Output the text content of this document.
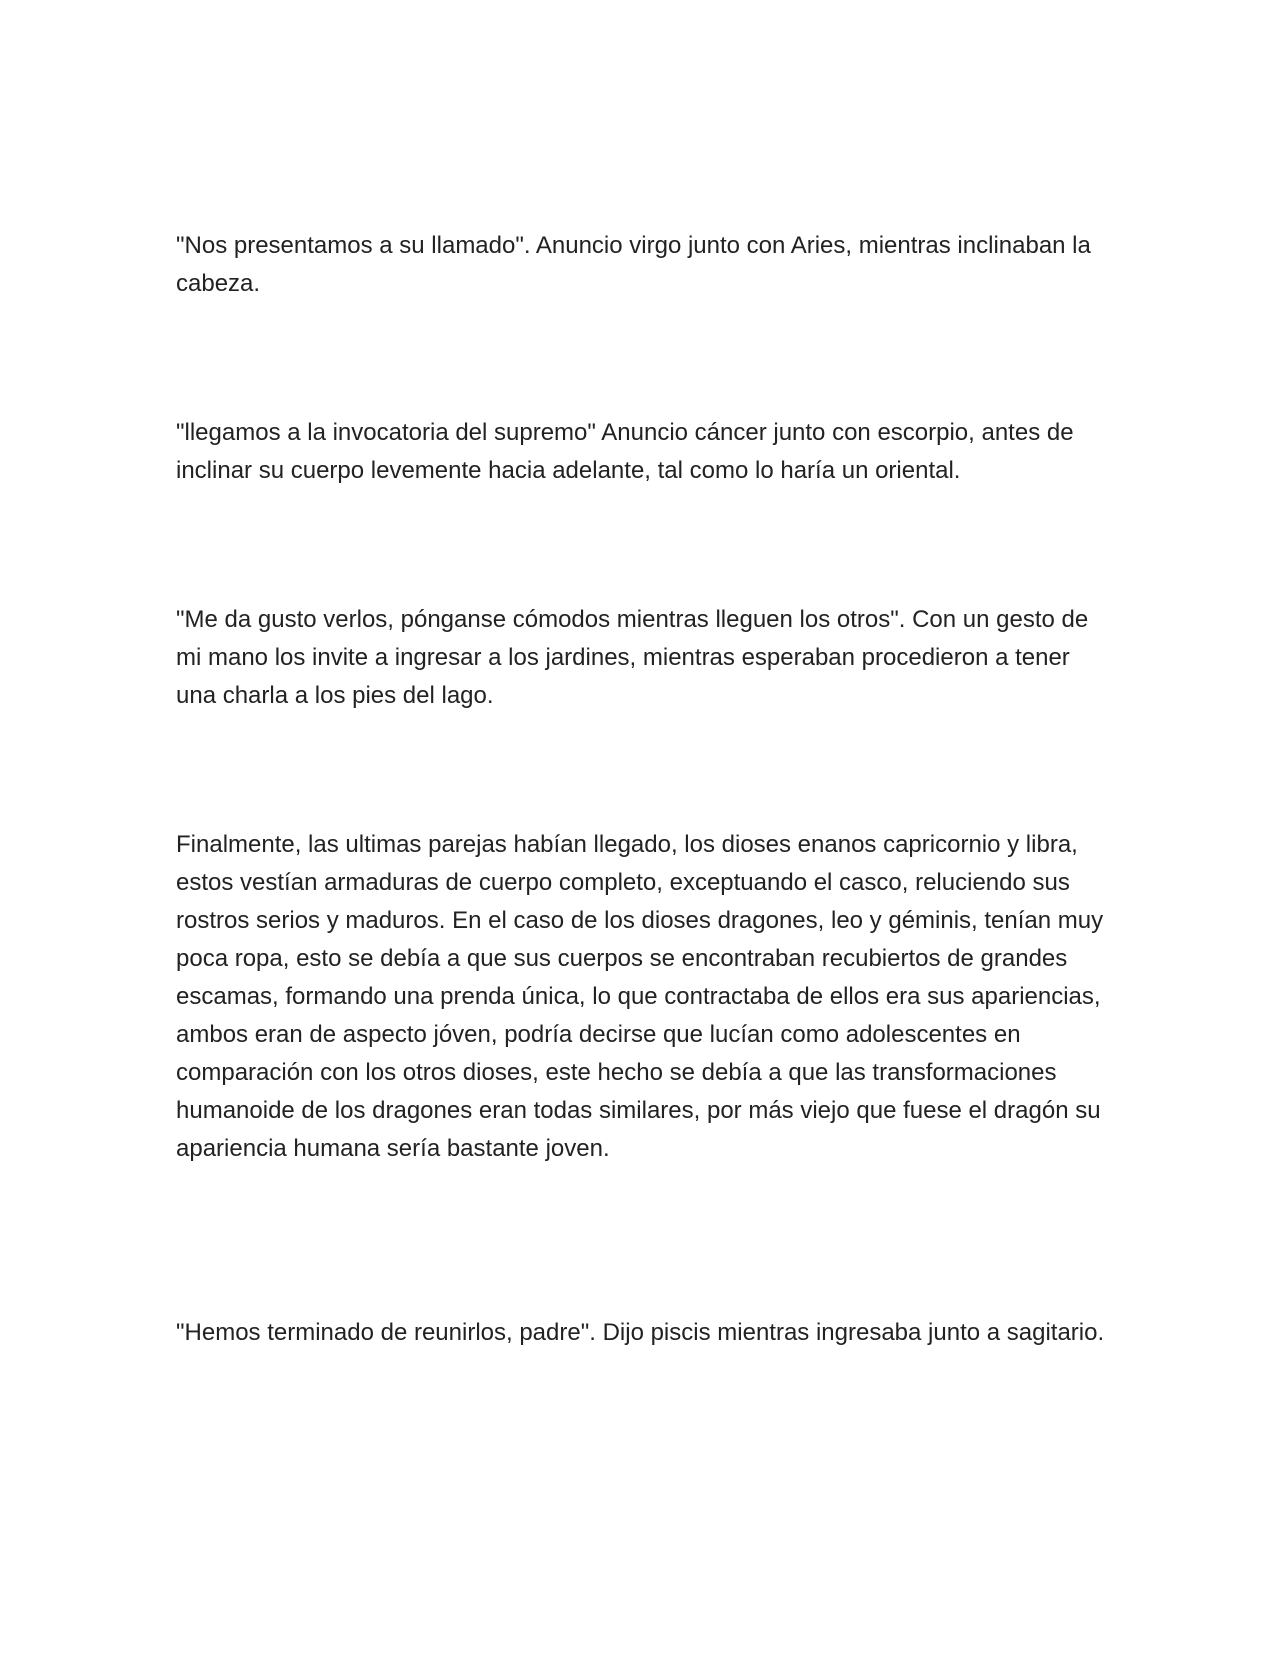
"Nos presentamos a su llamado". Anuncio virgo junto con Aries, mientras inclinaban la cabeza.

"llegamos a la invocatoria del supremo" Anuncio cáncer junto con escorpio, antes de inclinar su cuerpo levemente hacia adelante, tal como lo haría un oriental.

"Me da gusto verlos, pónganse cómodos mientras lleguen los otros". Con un gesto de mi mano los invite a ingresar a los jardines, mientras esperaban procedieron a tener una charla a los pies del lago.

Finalmente, las ultimas parejas habían llegado, los dioses enanos capricornio y libra, estos vestían armaduras de cuerpo completo, exceptuando el casco, reluciendo sus rostros serios y maduros. En el caso de los dioses dragones, leo y géminis, tenían muy poca ropa, esto se debía a que sus cuerpos se encontraban recubiertos de grandes escamas, formando una prenda única, lo que contractaba de ellos era sus apariencias, ambos eran de aspecto jóven, podría decirse que lucían como adolescentes en comparación con los otros dioses, este hecho se debía a que las transformaciones humanoide de los dragones eran todas similares, por más viejo que fuese el dragón su apariencia humana sería bastante joven.

"Hemos terminado de reunirlos, padre". Dijo piscis mientras ingresaba junto a sagitario.
